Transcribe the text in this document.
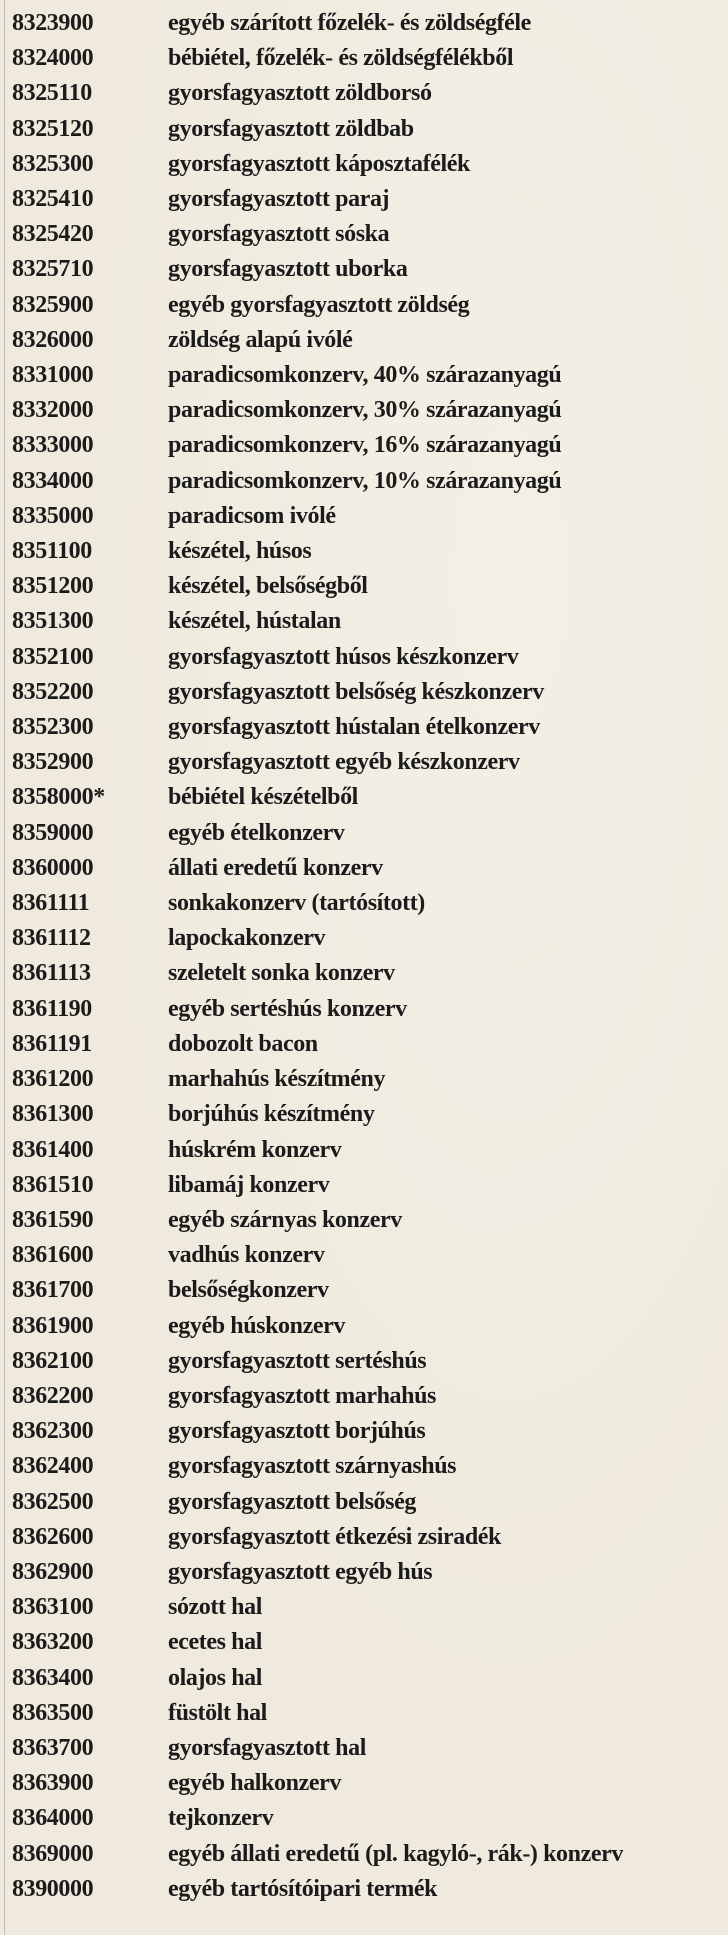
8323900	egyéb szárított főzelék- és zöldségféle
8324000	bébiétel, főzelék- és zöldségfélékből
8325110	gyorsfagyasztott zöldborsó
8325120	gyorsfagyasztott zöldbab
8325300	gyorsfagyasztott káposztafélék
8325410	gyorsfagyasztott paraj
8325420	gyorsfagyasztott sóska
8325710	gyorsfagyasztott uborka
8325900	egyéb gyorsfagyasztott zöldség
8326000	zöldség alapú ivólé
8331000	paradicsomkonzerv, 40% szárazanyagú
8332000	paradicsomkonzerv, 30% szárazanyagú
8333000	paradicsomkonzerv, 16% szárazanyagú
8334000	paradicsomkonzerv, 10% szárazanyagú
8335000	paradicsom ivólé
8351100	készétel, húsos
8351200	készétel, belsőségből
8351300	készétel, hústalan
8352100	gyorsfagyasztott húsos készkonzerv
8352200	gyorsfagyasztott belsőség készkonzerv
8352300	gyorsfagyasztott hústalan ételkonzerv
8352900	gyorsfagyasztott egyéb készkonzerv
8358000*	bébiétel készételből
8359000	egyéb ételkonzerv
8360000	állati eredetű konzerv
8361111	sonkakonzerv (tartósított)
8361112	lapockakonzerv
8361113	szeletelt sonka konzerv
8361190	egyéb sertéshús konzerv
8361191	dobozolt bacon
8361200	marhahús készítmény
8361300	borjúhús készítmény
8361400	húskrém konzerv
8361510	libamáj konzerv
8361590	egyéb szárnyas konzerv
8361600	vadhús konzerv
8361700	belsőségkonzerv
8361900	egyéb húskonzerv
8362100	gyorsfagyasztott sertéshús
8362200	gyorsfagyasztott marhahús
8362300	gyorsfagyasztott borjúhús
8362400	gyorsfagyasztott szárnyashús
8362500	gyorsfagyasztott belsőség
8362600	gyorsfagyasztott étkezési zsiradék
8362900	gyorsfagyasztott egyéb hús
8363100	sózott hal
8363200	ecetes hal
8363400	olajos hal
8363500	füstölt hal
8363700	gyorsfagyasztott hal
8363900	egyéb halkonzerv
8364000	tejkonzerv
8369000	egyéb állati eredetű (pl. kagyló-, rák-) konzerv
8390000	egyéb tartósítóipari termék
